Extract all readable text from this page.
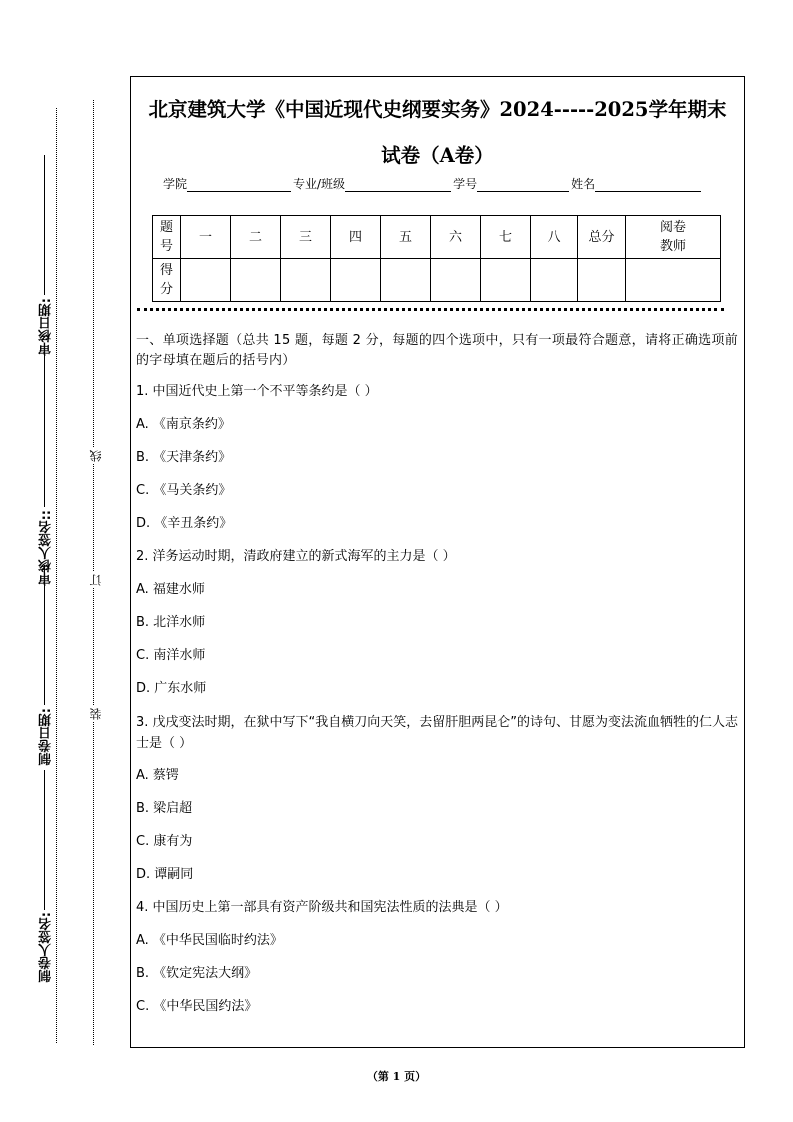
审核日期:
审核人签名::
制卷日期:
制卷人签名:
线
订
装
北京建筑大学《中国近现代史纲要实务》2024-----2025学年期末
试卷（A卷）
学院	专业/班级	学号	姓名
题号	一	二	三	四	五	六	七	八	总分	阅卷教师
得分										

一、单项选择题（总共 15 题，每题 2 分，每题的四个选项中，只有一项最符合题意，请将正确选项前的字母填在题后的括号内）

1. 中国近代史上第一个不平等条约是（ ）

A. 《南京条约》

B. 《天津条约》

C. 《马关条约》

D. 《辛丑条约》

2. 洋务运动时期，清政府建立的新式海军的主力是（ ）

A. 福建水师

B. 北洋水师

C. 南洋水师

D. 广东水师

3. 戊戌变法时期，在狱中写下“我自横刀向天笑，去留肝胆两昆仑”的诗句、甘愿为变法流血牺牲的仁人志士是（ ）

A. 蔡锷

B. 梁启超

C. 康有为

D. 谭嗣同

4. 中国历史上第一部具有资产阶级共和国宪法性质的法典是（ ）

A. 《中华民国临时约法》

B. 《钦定宪法大纲》

C. 《中华民国约法》

（第 1 页）
